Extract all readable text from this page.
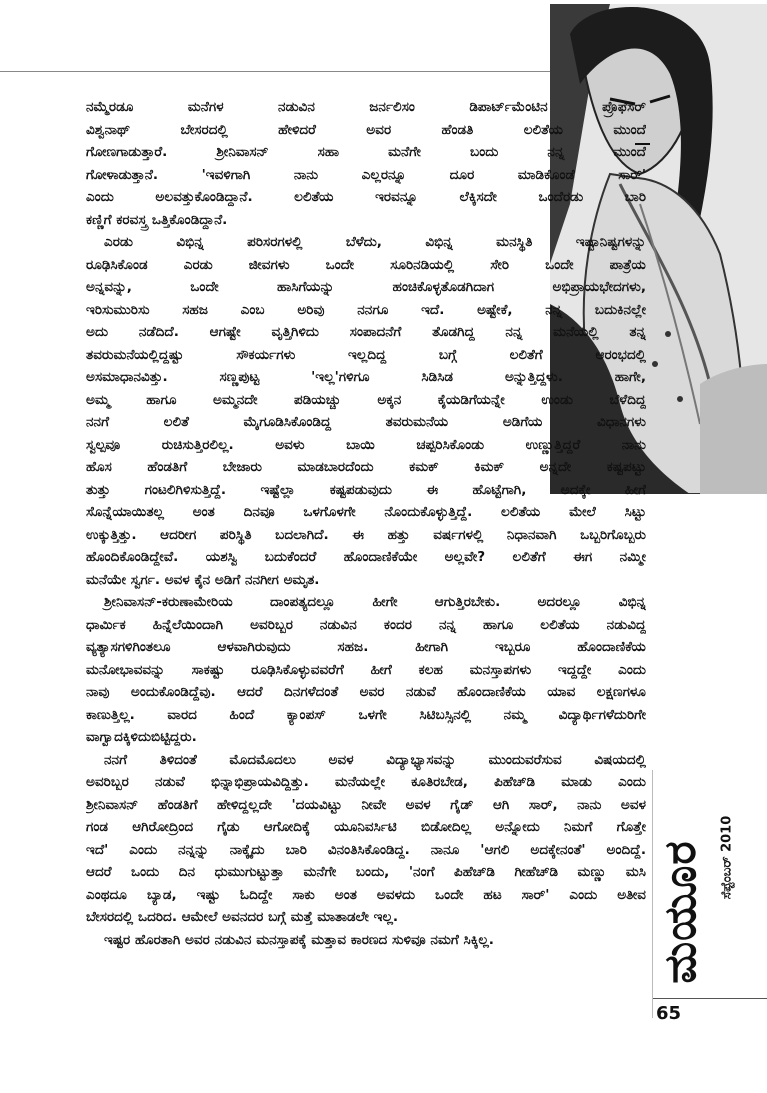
ನಮ್ಮೆರಡೂ ಮನೆಗಳ ನಡುವಿನ ಜರ್ನಲಿಸಂ ಡಿಪಾರ್ಟ್‌ಮೆಂಟಿನ ಪ್ರೊಫೆಸರ್
ವಿಶ್ವನಾಥ್ ಬೇಸರದಲ್ಲಿ ಹೇಳಿದರೆ ಅವರ ಹೆಂಡತಿ ಲಲಿತೆಯ ಮುಂದೆ
ಗೋಣಗಾಡುತ್ತಾರೆ. ಶ್ರೀನಿವಾಸನ್ ಸಹಾ ಮನೆಗೇ ಬಂದು ನನ್ನ ಮುಂದೆ
ಗೋಳಾಡುತ್ತಾನೆ. 'ಇವಳಿಗಾಗಿ ನಾನು ಎಲ್ಲರನ್ನೂ ದೂರ ಮಾಡಿಕೊಂಡೆ ಸಾರ್'
ಎಂದು ಅಲವತ್ತುಕೊಂಡಿದ್ದಾನೆ. ಲಲಿತೆಯ ಇರವನ್ನೂ ಲೆಕ್ಕಿಸದೇ ಒಂದೆರಡು ಬಾರಿ
ಕಣ್ಣಿಗೆ ಕರವಸ್ತ್ರ ಒತ್ತಿಕೊಂಡಿದ್ದಾನೆ.

ಎರಡು ವಿಭಿನ್ನ ಪರಿಸರಗಳಲ್ಲಿ ಬೆಳೆದು, ವಿಭಿನ್ನ ಮನಸ್ಥಿತಿ ಇಷ್ಟಾನಿಷ್ಟಗಳನ್ನು
ರೂಢಿಸಿಕೊಂಡ ಎರಡು ಜೀವಗಳು ಒಂದೇ ಸೂರಿನಡಿಯಲ್ಲಿ ಸೇರಿ ಒಂದೇ ಪಾತ್ರೆಯ
ಅನ್ನವನ್ನು, ಒಂದೇ ಹಾಸಿಗೆಯನ್ನು ಹಂಚಿಕೊಳ್ಳತೊಡಗಿದಾಗ ಅಭಿಪ್ರಾಯಭೇದಗಳು,
ಇರಿಸುಮುರಿಸು ಸಹಜ ಎಂಬ ಅರಿವು ನನಗೂ ಇದೆ. ಅಷ್ಟೇಕೆ, ನನ್ನ ಬದುಕಿನಲ್ಲೇ
ಅದು ನಡೆದಿದೆ. ಆಗಷ್ಟೇ ವೃತ್ತಿಗಿಳಿದು ಸಂಪಾದನೆಗೆ ತೊಡಗಿದ್ದ ನನ್ನ ಮನೆಯಲ್ಲಿ ತನ್ನ
ತವರುಮನೆಯಲ್ಲಿದ್ದಷ್ಟು ಸೌಕರ್ಯಗಳು ಇಲ್ಲದಿದ್ದ ಬಗ್ಗೆ ಲಲಿತೆಗೆ ಆರಂಭದಲ್ಲಿ
ಅಸಮಾಧಾನವಿತ್ತು. ಸಣ್ಣಪುಟ್ಟ 'ಇಲ್ಲ'ಗಳಿಗೂ ಸಿಡಿಸಿಡ ಅನ್ನುತ್ತಿದ್ದಳು. ಹಾಗೇ,
ಅಮ್ಮ ಹಾಗೂ ಅಮ್ಮನದೇ ಪಡಿಯಚ್ಚು ಅಕ್ಕನ ಕೈಯಡಿಗೆಯನ್ನೇ ಉಂಡು ಬೆಳೆದಿದ್ದ
ನನಗೆ ಲಲಿತೆ ಮೈಗೂಡಿಸಿಕೊಂಡಿದ್ದ ತವರುಮನೆಯ ಅಡಿಗೆಯ ವಿಧಾನಗಳು
ಸ್ವಲ್ಪವೂ ರುಚಿಸುತ್ತಿರಲಿಲ್ಲ. ಅವಳು ಬಾಯಿ ಚಪ್ಪರಿಸಿಕೊಂಡು ಉಣ್ಣುತ್ತಿದ್ದರೆ ನಾನು
ಹೊಸ ಹೆಂಡತಿಗೆ ಬೇಜಾರು ಮಾಡಬಾರದೆಂದು ಕಮಕ್ ಕಿಮಕ್ ಅನ್ನದೇ ಕಷ್ಟಪಟ್ಟು
ತುತ್ತು ಗಂಟಲಿಗಿಳಿಸುತ್ತಿದ್ದೆ. ಇಷ್ಟೆಲ್ಲಾ ಕಷ್ಟಪಡುವುದು ಈ ಹೊಟ್ಟೆಗಾಗಿ, ಅದಕ್ಕೇ ಹೀಗೆ
ಸೊನ್ನೆಯಾಯಿತಲ್ಲ ಅಂತ ದಿನವೂ ಒಳಗೊಳಗೇ ನೊಂದುಕೊಳ್ಳುತ್ತಿದ್ದೆ. ಲಲಿತೆಯ ಮೇಲೆ ಸಿಟ್ಟು
ಉಕ್ಕುತ್ತಿತ್ತು. ಆದರೀಗ ಪರಿಸ್ಥಿತಿ ಬದಲಾಗಿದೆ. ಈ ಹತ್ತು ವರ್ಷಗಳಲ್ಲಿ ನಿಧಾನವಾಗಿ ಒಬ್ಬರಿಗೊಬ್ಬರು
ಹೊಂದಿಕೊಂಡಿದ್ದೇವೆ. ಯಶಸ್ವಿ ಬದುಕೆಂದರೆ ಹೊಂದಾಣಿಕೆಯೇ ಅಲ್ಲವೇ? ಲಲಿತೆಗೆ ಈಗ ನಮ್ಮೀ
ಮನೆಯೇ ಸ್ವರ್ಗ. ಅವಳ ಕೈನ ಅಡಿಗೆ ನನಗೀಗ ಅಮೃತ.

ಶ್ರೀನಿವಾಸನ್-ಕರುಣಾಮೇರಿಯ ದಾಂಪತ್ಯದಲ್ಲೂ ಹೀಗೇ ಆಗುತ್ತಿರಬೇಕು. ಅದರಲ್ಲೂ ವಿಭಿನ್ನ
ಧಾರ್ಮಿಕ ಹಿನ್ನೆಲೆಯಿಂದಾಗಿ ಅವರಿಬ್ಬರ ನಡುವಿನ ಕಂದರ ನನ್ನ ಹಾಗೂ ಲಲಿತೆಯ ನಡುವಿದ್ದ
ವ್ಯತ್ಯಾಸಗಳಿಗಿಂತಲೂ ಆಳವಾಗಿರುವುದು ಸಹಜ. ಹೀಗಾಗಿ ಇಬ್ಬರೂ ಹೊಂದಾಣಿಕೆಯ
ಮನೋಭಾವವನ್ನು ಸಾಕಷ್ಟು ರೂಢಿಸಿಕೊಳ್ಳುವವರೆಗೆ ಹೀಗೆ ಕಲಹ ಮನಸ್ತಾಪಗಳು ಇದ್ದದ್ದೇ ಎಂದು
ನಾವು ಅಂದುಕೊಂಡಿದ್ದೆವು. ಆದರೆ ದಿನಗಳೆದಂತೆ ಅವರ ನಡುವೆ ಹೊಂದಾಣಿಕೆಯ ಯಾವ ಲಕ್ಷಣಗಳೂ
ಕಾಣುತ್ತಿಲ್ಲ. ವಾರದ ಹಿಂದೆ ಕ್ಯಾಂಪಸ್ ಒಳಗೇ ಸಿಟಿಬಸ್ಸಿನಲ್ಲಿ ನಮ್ಮ ವಿದ್ಯಾರ್ಥಿಗಳೆದುರಿಗೇ
ವಾಗ್ವಾದಕ್ಕಿಳಿದುಬಿಟ್ಟಿದ್ದರು.

ನನಗೆ ತಿಳಿದಂತೆ ಮೊದಮೊದಲು ಅವಳ ವಿದ್ಯಾಭ್ಯಾಸವನ್ನು ಮುಂದುವರೆಸುವ ವಿಷಯದಲ್ಲಿ
ಅವರಿಬ್ಬರ ನಡುವೆ ಭಿನ್ನಾಭಿಪ್ರಾಯವಿದ್ದಿತ್ತು. ಮನೆಯಲ್ಲೇ ಕೂತಿರಬೇಡ, ಪಿಹೆಚ್‌ಡಿ ಮಾಡು ಎಂದು
ಶ್ರೀನಿವಾಸನ್ ಹೆಂಡತಿಗೆ ಹೇಳಿದ್ದಲ್ಲದೇ 'ದಯವಿಟ್ಟು ನೀವೇ ಅವಳ ಗೈಡ್ ಆಗಿ ಸಾರ್, ನಾನು ಅವಳ
ಗಂಡ ಆಗಿರೋದ್ರಿಂದ ಗೈಡು ಆಗೋದಿಕ್ಕೆ ಯೂನಿವರ್ಸಿಟಿ ಬಿಡೋದಿಲ್ಲ ಅನ್ನೋದು ನಿಮಗೆ ಗೊತ್ತೇ
ಇದೆ' ಎಂದು ನನ್ನನ್ನು ನಾಕ್ಕೈದು ಬಾರಿ ವಿನಂತಿಸಿಕೊಂಡಿದ್ದ. ನಾನೂ 'ಆಗಲಿ ಅದಕ್ಕೇನಂತೆ' ಅಂದಿದ್ದೆ.
ಆದರೆ ಒಂದು ದಿನ ಧುಮುಗುಟ್ಟುತ್ತಾ ಮನೆಗೇ ಬಂದು, 'ನಂಗೆ ಪಿಹೆಚ್‌ಡಿ ಗೀಹೆಚ್‌ಡಿ ಮಣ್ಣು ಮಸಿ
ಎಂಥದೂ ಬ್ಯಾಡ, ಇಷ್ಟು ಓದಿದ್ದೇ ಸಾಕು ಅಂತ ಅವಳದು ಒಂದೇ ಹಟ ಸಾರ್' ಎಂದು ಅತೀವ
ಬೇಸರದಲ್ಲಿ ಒದರಿದ. ಆಮೇಲೆ ಅವನದರ ಬಗ್ಗೆ ಮತ್ತೆ ಮಾತಾಡಲೇ ಇಲ್ಲ.

ಇಷ್ಟರ ಹೊರತಾಗಿ ಅವರ ನಡುವಿನ ಮನಸ್ತಾಪಕ್ಕೆ ಮತ್ತಾವ ಕಾರಣದ ಸುಳಿವೂ ನಮಗೆ ಸಿಕ್ಕಿಲ್ಲ.	ಮಯೂರ ಸೆಪ್ಟೆಂಬರ್ 2010
65
